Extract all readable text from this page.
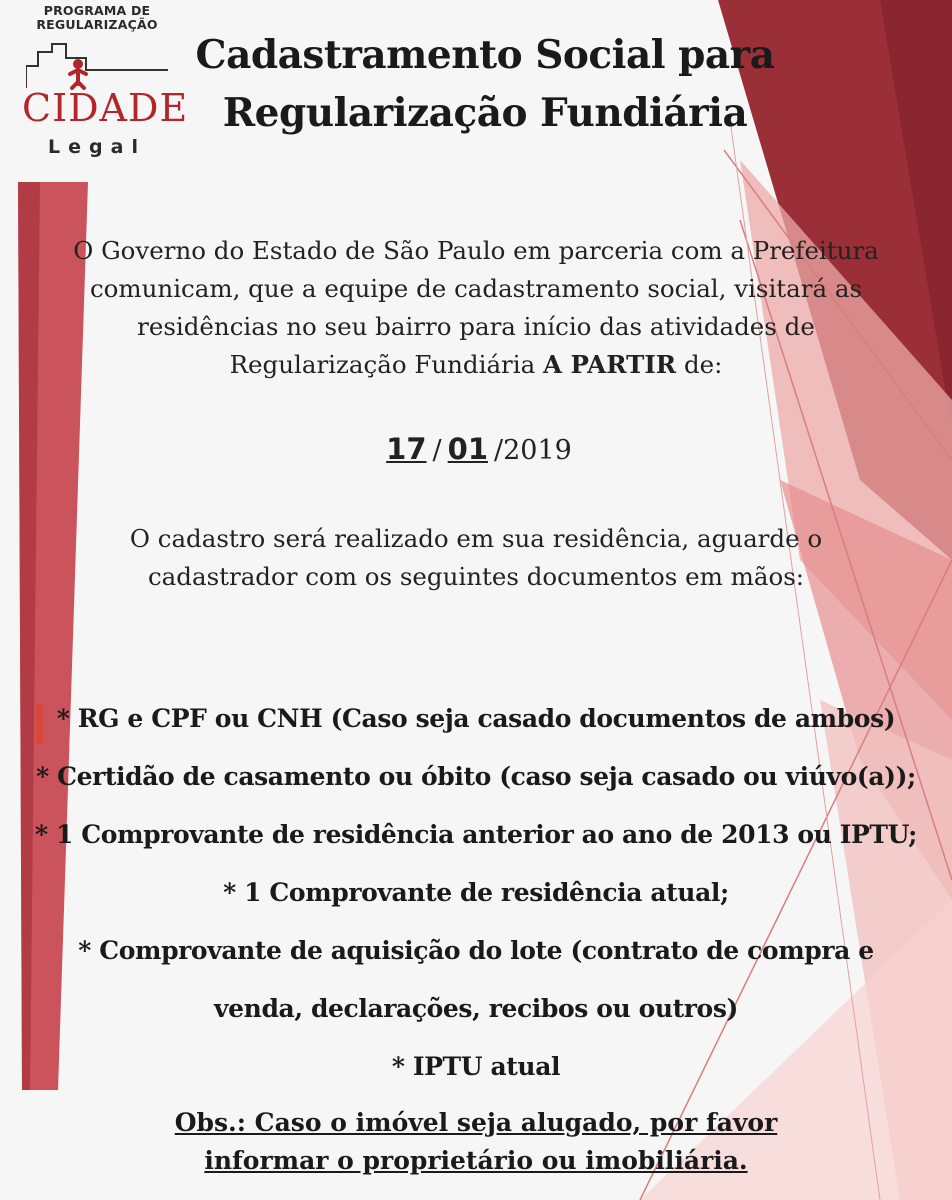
PROGRAMA DE
REGULARIZAÇÃO
CIDADE
Legal
Cadastramento Social para
Regularização Fundiária
O Governo do Estado de São Paulo em parceria com a Prefeitura
comunicam, que a equipe de cadastramento social, visitará as
residências no seu bairro para início das atividades de
Regularização Fundiária A PARTIR de:
17 / 01 /2019
O cadastro será realizado em sua residência, aguarde o
cadastrador com os seguintes documentos em mãos:
* RG e CPF ou CNH (Caso seja casado documentos de ambos)
* Certidão de casamento ou óbito (caso seja casado ou viúvo(a));
* 1 Comprovante de residência anterior ao ano de 2013 ou IPTU;
* 1 Comprovante de residência atual;
* Comprovante de aquisição do lote (contrato de compra e
venda, declarações, recibos ou outros)
* IPTU atual
Obs.: Caso o imóvel seja alugado, por favor
informar o proprietário ou imobiliária.
